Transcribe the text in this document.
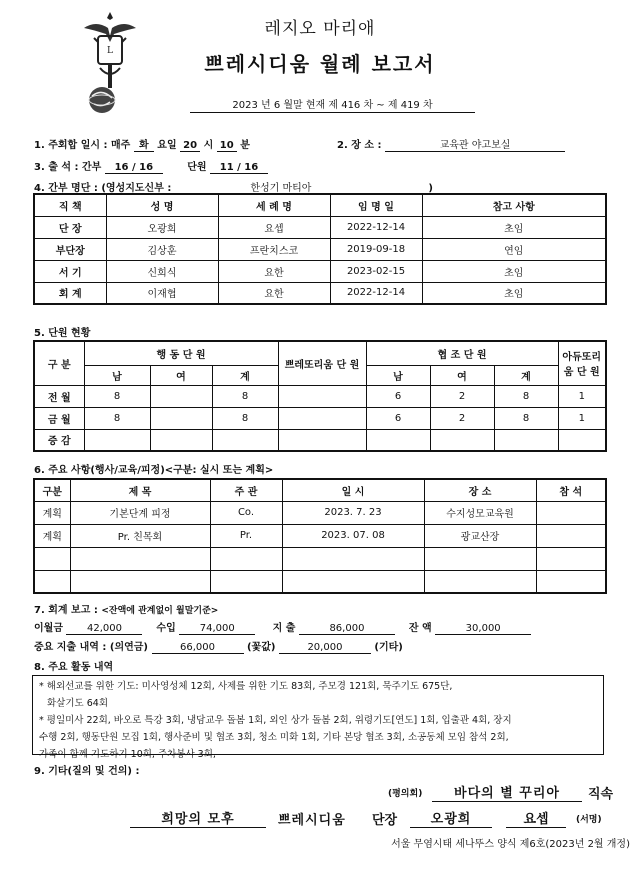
L
레지오 마리애
쁘레시디움 월례 보고서
2023 년 6 월말 현재 제 416 차 ~ 제 419 차
1. 주회합 일시 : 매주 화 요일 20 시 10 분	2. 장 소 :	교육관 야고보실
3. 출 석 : 간부 16 / 16	단원 11 / 16
4. 간부 명단 : (영성지도신부 :	한성기 마티아	)
직 책	성 명	세 례 명	임 명 일	참고 사항
단 장	오광희	요셉	2022-12-14	초임
부단장	김상훈	프란치스코	2019-09-18	연임
서 기	신희식	요한	2023-02-15	초임
회 계	이재협	요한	2022-12-14	초임
5. 단원 현황
구 분	행 동 단 원			쁘레또리움 단 원	협 조 단 원			아듀또리움 단 원
	남	여	계		남	여	계	
전 월	8		8		6	2	8	1
금 월	8		8		6	2	8	1
증 감								
6. 주요 사항(행사/교육/피정)<구분: 실시 또는 계획>
구분	제 목	주 관	일 시	장 소	참 석
계획	기본단계 피정	Co.	2023. 7. 23	수지성모교육원	
계획	Pr. 친목회	Pr.	2023. 07. 08	광교산장	

7. 회계 보고 : <잔액에 관계없이 월말기준>
이월금 42,000	수입 74,000	지 출	86,000	잔 액	30,000
중요 지출 내역 : (의연금)	66,000	(꽃값)	20,000	(기타)
8. 주요 활동 내역
* 해외선교를 위한 기도: 미사영성체 12회, 사제를 위한 기도 83회, 주모경 121회, 묵주기도 675단,
화살기도 64회
* 평일미사 22회, 바오로 특강 3회, 냉담교우 돌봄 1회, 외인 상가 돌봄 2회, 위령기도[연도] 1회, 입출관 4회, 장지
수행 2회, 행동단원 모집 1회, 행사준비 및 협조 3회, 청소 미화 1회, 기타 본당 협조 3회, 소공동체 모임 참석 2회,
가족이 함께 기도하기 10회, 주차봉사 3회,
9. 기타(질의 및 건의) :
(평의회)	바다의 별 꾸리아	직속
희망의 모후	쁘레시디움 단장	오광희	요셉	(서명)
서울 무염시태 세나뚜스 양식 제6호(2023년 2월 개정)
